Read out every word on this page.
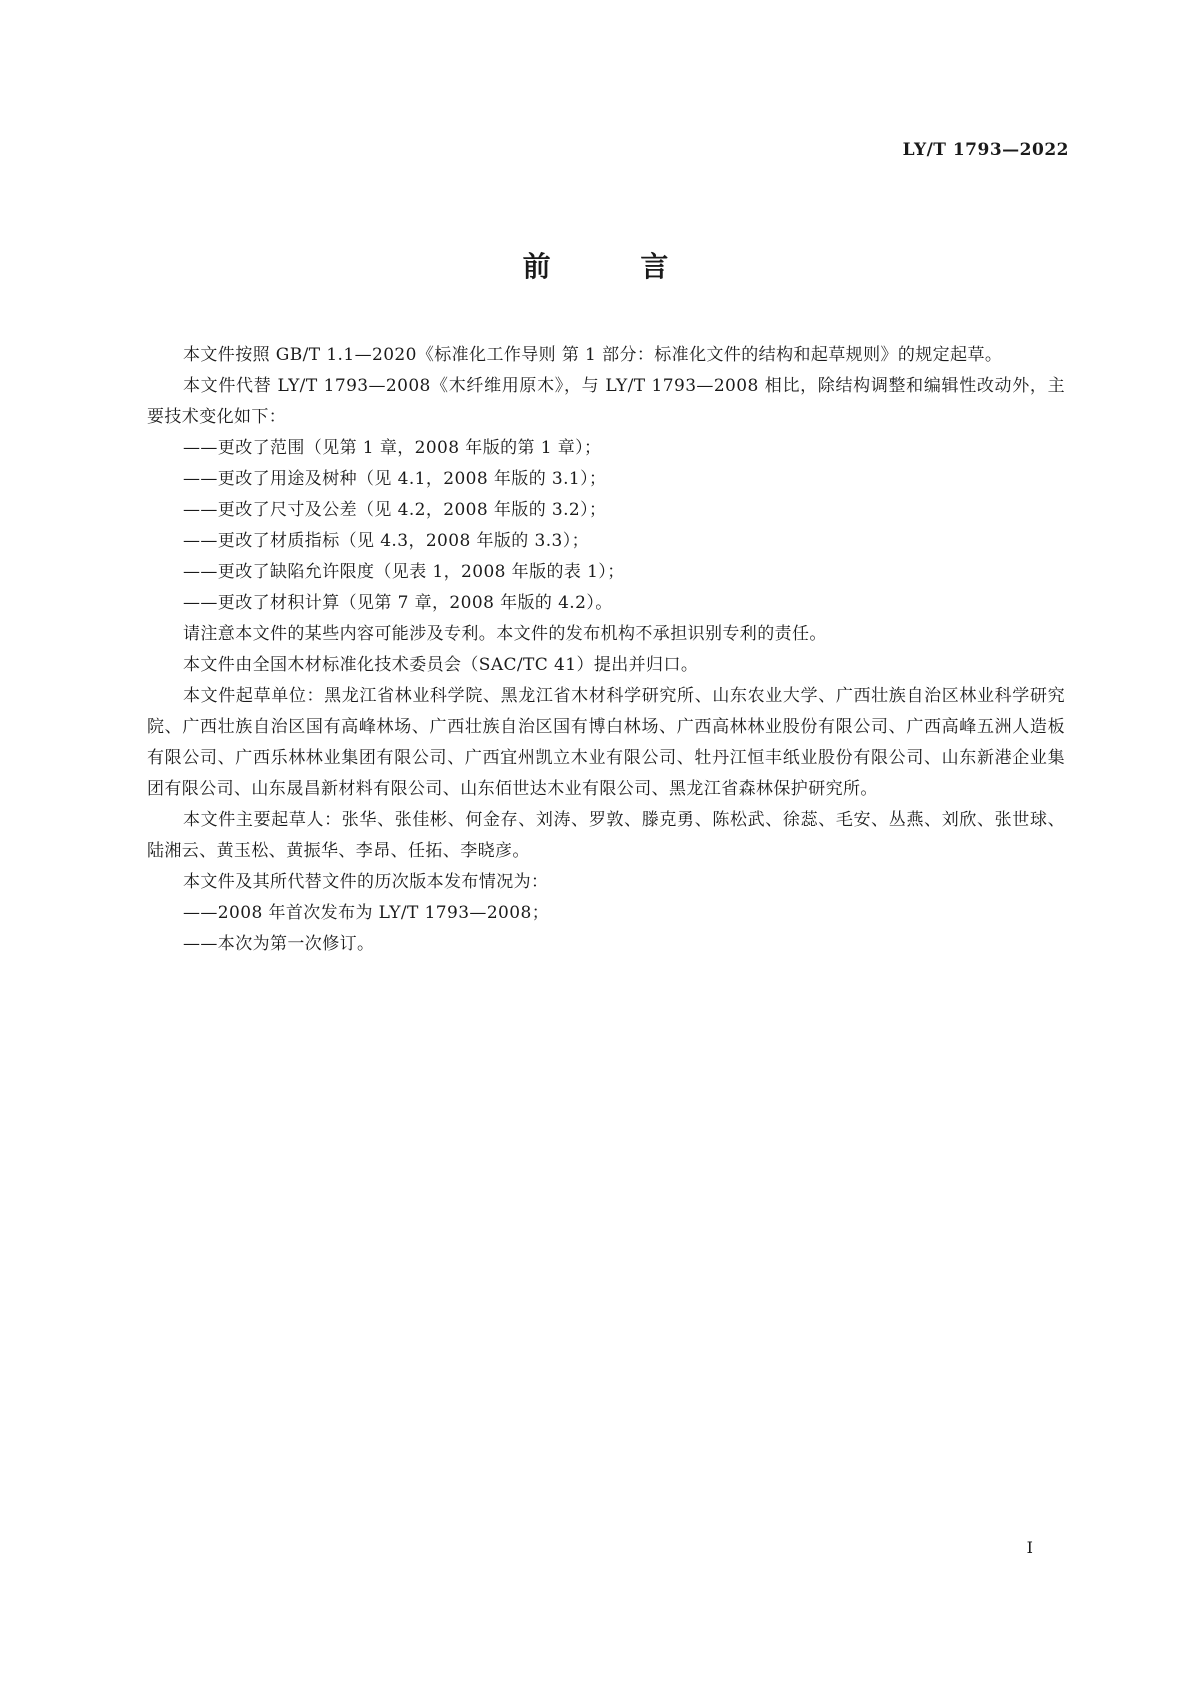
LY/T 1793—2022
前 言

本文件按照 GB/T 1.1—2020《标准化工作导则 第 1 部分：标准化文件的结构和起草规则》的规定起草。

本文件代替 LY/T 1793—2008《木纤维用原木》，与 LY/T 1793—2008 相比，除结构调整和编辑性改动外，主要技术变化如下：

——更改了范围（见第 1 章，2008 年版的第 1 章）；

——更改了用途及树种（见 4.1，2008 年版的 3.1）；

——更改了尺寸及公差（见 4.2，2008 年版的 3.2）；

——更改了材质指标（见 4.3，2008 年版的 3.3）；

——更改了缺陷允许限度（见表 1，2008 年版的表 1）；

——更改了材积计算（见第 7 章，2008 年版的 4.2）。

请注意本文件的某些内容可能涉及专利。本文件的发布机构不承担识别专利的责任。

本文件由全国木材标准化技术委员会（SAC/TC 41）提出并归口。

本文件起草单位：黑龙江省林业科学院、黑龙江省木材科学研究所、山东农业大学、广西壮族自治区林业科学研究院、广西壮族自治区国有高峰林场、广西壮族自治区国有博白林场、广西高林林业股份有限公司、广西高峰五洲人造板有限公司、广西乐林林业集团有限公司、广西宜州凯立木业有限公司、牡丹江恒丰纸业股份有限公司、山东新港企业集团有限公司、山东晟昌新材料有限公司、山东佰世达木业有限公司、黑龙江省森林保护研究所。

本文件主要起草人：张华、张佳彬、何金存、刘涛、罗敦、滕克勇、陈松武、徐蕊、毛安、丛燕、刘欣、张世球、陆湘云、黄玉松、黄振华、李昂、任拓、李晓彦。

本文件及其所代替文件的历次版本发布情况为：

——2008 年首次发布为 LY/T 1793—2008；

——本次为第一次修订。

I
